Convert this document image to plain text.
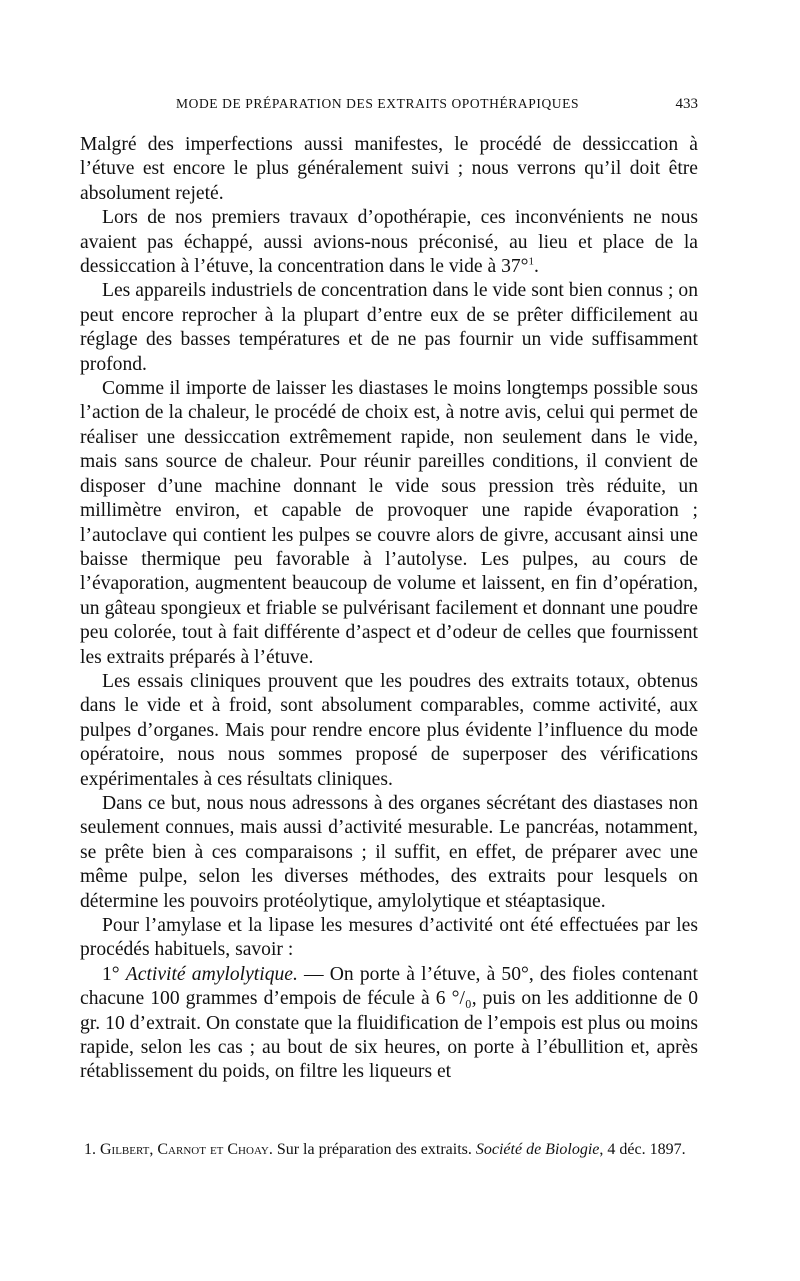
MODE DE PRÉPARATION DES EXTRAITS OPOTHÉRAPIQUES	433

Malgré des imperfections aussi manifestes, le procédé de dessiccation à l’étuve est encore le plus généralement suivi ; nous verrons qu’il doit être absolument rejeté.

Lors de nos premiers travaux d’opothérapie, ces inconvénients ne nous avaient pas échappé, aussi avions-nous préconisé, au lieu et place de la dessiccation à l’étuve, la concentration dans le vide à 37°$^1$.

Les appareils industriels de concentration dans le vide sont bien connus ; on peut encore reprocher à la plupart d’entre eux de se prêter difficilement au réglage des basses températures et de ne pas fournir un vide suffisamment profond.

Comme il importe de laisser les diastases le moins longtemps possible sous l’action de la chaleur, le procédé de choix est, à notre avis, celui qui permet de réaliser une dessiccation extrêmement rapide, non seulement dans le vide, mais sans source de chaleur. Pour réunir pareilles conditions, il convient de disposer d’une machine donnant le vide sous pression très réduite, un millimètre environ, et capable de provoquer une rapide évaporation ; l’autoclave qui contient les pulpes se couvre alors de givre, accusant ainsi une baisse thermique peu favorable à l’autolyse. Les pulpes, au cours de l’évaporation, augmentent beaucoup de volume et laissent, en fin d’opération, un gâteau spongieux et friable se pulvérisant facilement et donnant une poudre peu colorée, tout à fait différente d’aspect et d’odeur de celles que fournissent les extraits préparés à l’étuve.

Les essais cliniques prouvent que les poudres des extraits totaux, obtenus dans le vide et à froid, sont absolument comparables, comme activité, aux pulpes d’organes. Mais pour rendre encore plus évidente l’influence du mode opératoire, nous nous sommes proposé de superposer des vérifications expérimentales à ces résultats cliniques.

Dans ce but, nous nous adressons à des organes sécrétant des diastases non seulement connues, mais aussi d’activité mesurable. Le pancréas, notamment, se prête bien à ces comparaisons ; il suffit, en effet, de préparer avec une même pulpe, selon les diverses méthodes, des extraits pour lesquels on détermine les pouvoirs protéolytique, amylolytique et stéaptasique.

Pour l’amylase et la lipase les mesures d’activité ont été effectuées par les procédés habituels, savoir :

1° Activité amylolytique. — On porte à l’étuve, à 50°, des fioles contenant chacune 100 grammes d’empois de fécule à 6 °/₀, puis on les additionne de 0 gr. 10 d’extrait. On constate que la fluidification de l’empois est plus ou moins rapide, selon les cas ; au bout de six heures, on porte à l’ébullition et, après rétablissement du poids, on filtre les liqueurs et

1. Gilbert, Carnot et Choay. Sur la préparation des extraits. Société de Biologie, 4 déc. 1897.
